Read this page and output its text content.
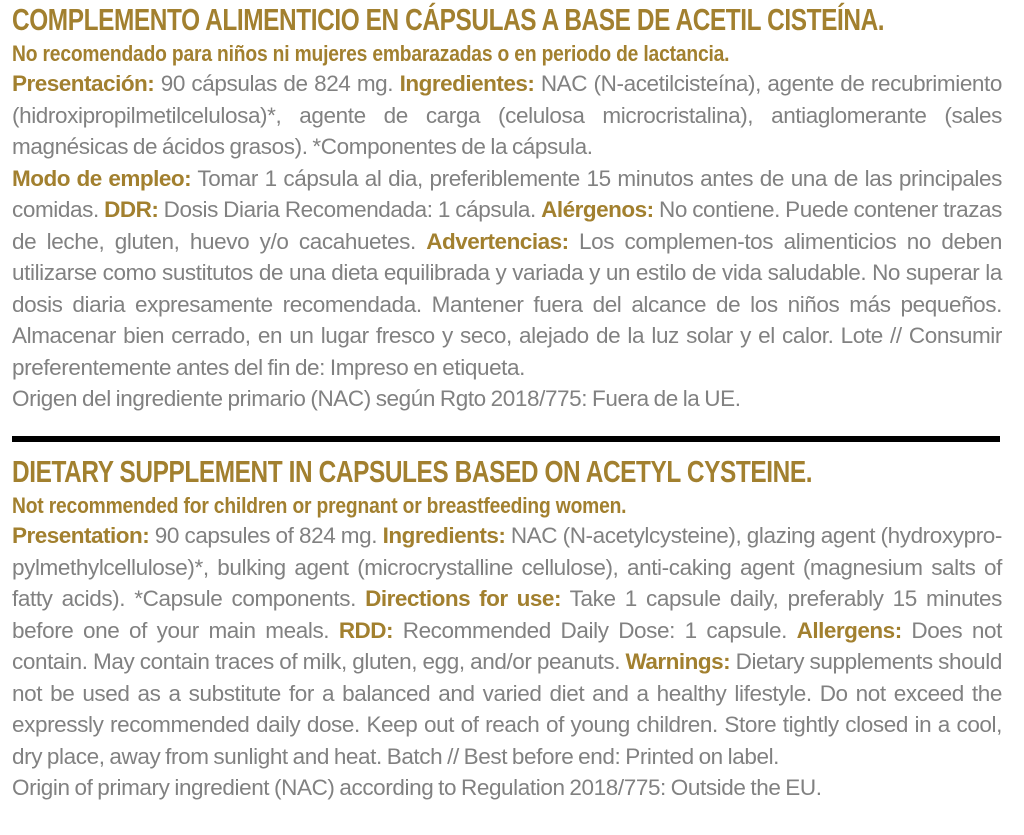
COMPLEMENTO ALIMENTICIO EN CÁPSULAS A BASE DE ACETIL CISTEÍNA.

No recomendado para niños ni mujeres embarazadas o en periodo de lactancia.

Presentación: 90 cápsulas de 824 mg. Ingredientes: NAC (N-acetilcisteína), agente de recubrimiento (hidroxipropilmetilcelulosa)*, agente de carga (celulosa microcristalina), antiaglomerante (sales magnésicas de ácidos grasos). *Componentes de la cápsula.

Modo de empleo: Tomar 1 cápsula al dia, preferiblemente 15 minutos antes de una de las principales comidas. DDR: Dosis Diaria Recomendada: 1 cápsula. Alérgenos: No contiene. Puede contener trazas de leche, gluten, huevo y/o cacahuetes. Advertencias: Los complemen-tos alimenticios no deben utilizarse como sustitutos de una dieta equilibrada y variada y un estilo de vida saludable. No superar la dosis diaria expresamente recomendada. Mantener fuera del alcance de los niños más pequeños. Almacenar bien cerrado, en un lugar fresco y seco, alejado de la luz solar y el calor. Lote // Consumir preferentemente antes del fin de: Impreso en etiqueta.
Origen del ingrediente primario (NAC) según Rgto 2018/775: Fuera de la UE.

DIETARY SUPPLEMENT IN CAPSULES BASED ON ACETYL CYSTEINE.

Not recommended for children or pregnant or breastfeeding women.

Presentation: 90 capsules of 824 mg. Ingredients: NAC (N-acetylcysteine), glazing agent (hydroxypro-pylmethylcellulose)*, bulking agent (microcrystalline cellulose), anti-caking agent (magnesium salts of fatty acids). *Capsule components. Directions for use: Take 1 capsule daily, preferably 15 minutes before one of your main meals. RDD: Recommended Daily Dose: 1 capsule. Allergens: Does not contain. May contain traces of milk, gluten, egg, and/or peanuts. Warnings: Dietary supplements should not be used as a substitute for a balanced and varied diet and a healthy lifestyle. Do not exceed the expressly recommended daily dose. Keep out of reach of young children. Store tightly closed in a cool, dry place, away from sunlight and heat. Batch // Best before end: Printed on label.
Origin of primary ingredient (NAC) according to Regulation 2018/775: Outside the EU.
